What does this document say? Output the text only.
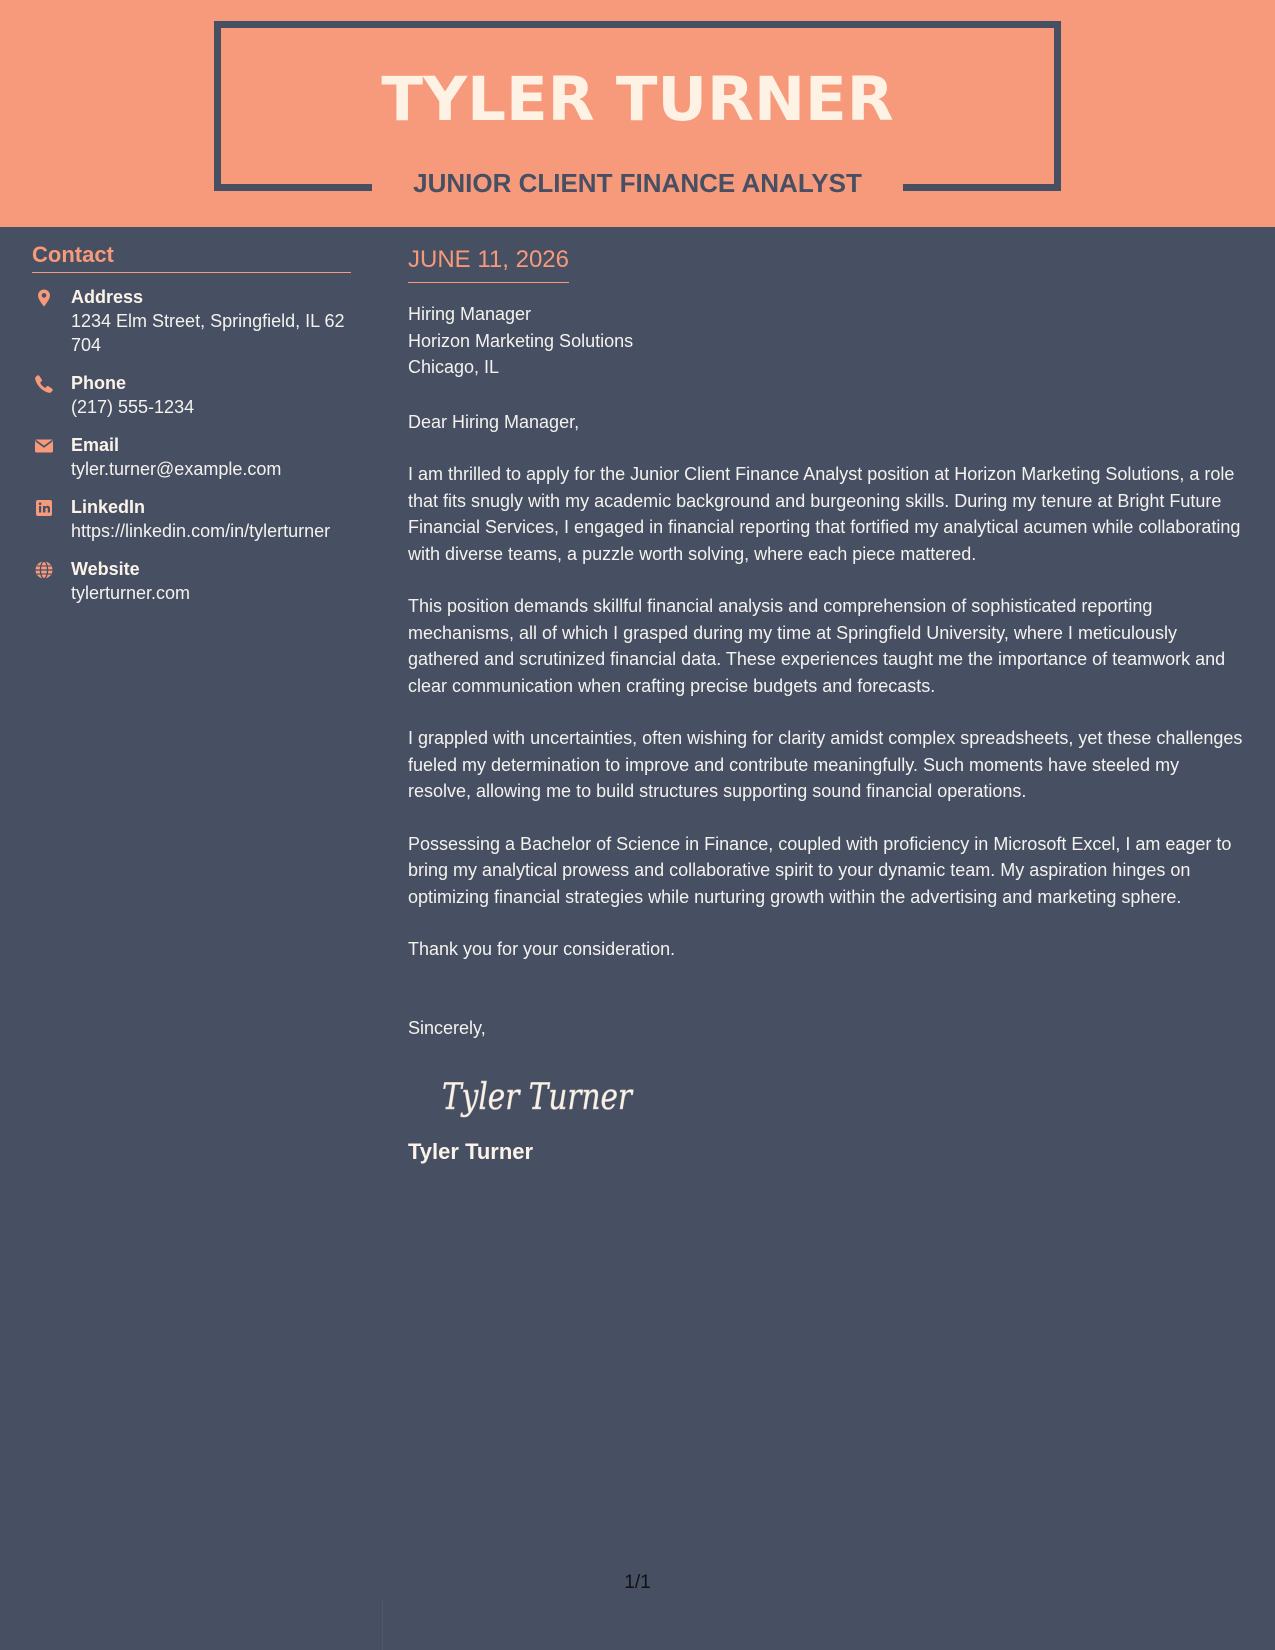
TYLER TURNER
JUNIOR CLIENT FINANCE ANALYST
Contact
Address
1234 Elm Street, Springfield, IL 62704
Phone
(217) 555-1234
Email
tyler.turner@example.com
LinkedIn
https://linkedin.com/in/tylerturner
Website
tylerturner.com
JUNE 11, 2026
Hiring Manager
Horizon Marketing Solutions
Chicago, IL

Dear Hiring Manager,

I am thrilled to apply for the Junior Client Finance Analyst position at Horizon Marketing Solutions, a role that fits snugly with my academic background and burgeoning skills. During my tenure at Bright Future Financial Services, I engaged in financial reporting that fortified my analytical acumen while collaborating with diverse teams, a puzzle worth solving, where each piece mattered.

This position demands skillful financial analysis and comprehension of sophisticated reporting mechanisms, all of which I grasped during my time at Springfield University, where I meticulously gathered and scrutinized financial data. These experiences taught me the importance of teamwork and clear communication when crafting precise budgets and forecasts.

I grappled with uncertainties, often wishing for clarity amidst complex spreadsheets, yet these challenges fueled my determination to improve and contribute meaningfully. Such moments have steeled my resolve, allowing me to build structures supporting sound financial operations.

Possessing a Bachelor of Science in Finance, coupled with proficiency in Microsoft Excel, I am eager to bring my analytical prowess and collaborative spirit to your dynamic team. My aspiration hinges on optimizing financial strategies while nurturing growth within the advertising and marketing sphere.

Thank you for your consideration.

Sincerely,

Tyler Turner
Tyler Turner
1/1
